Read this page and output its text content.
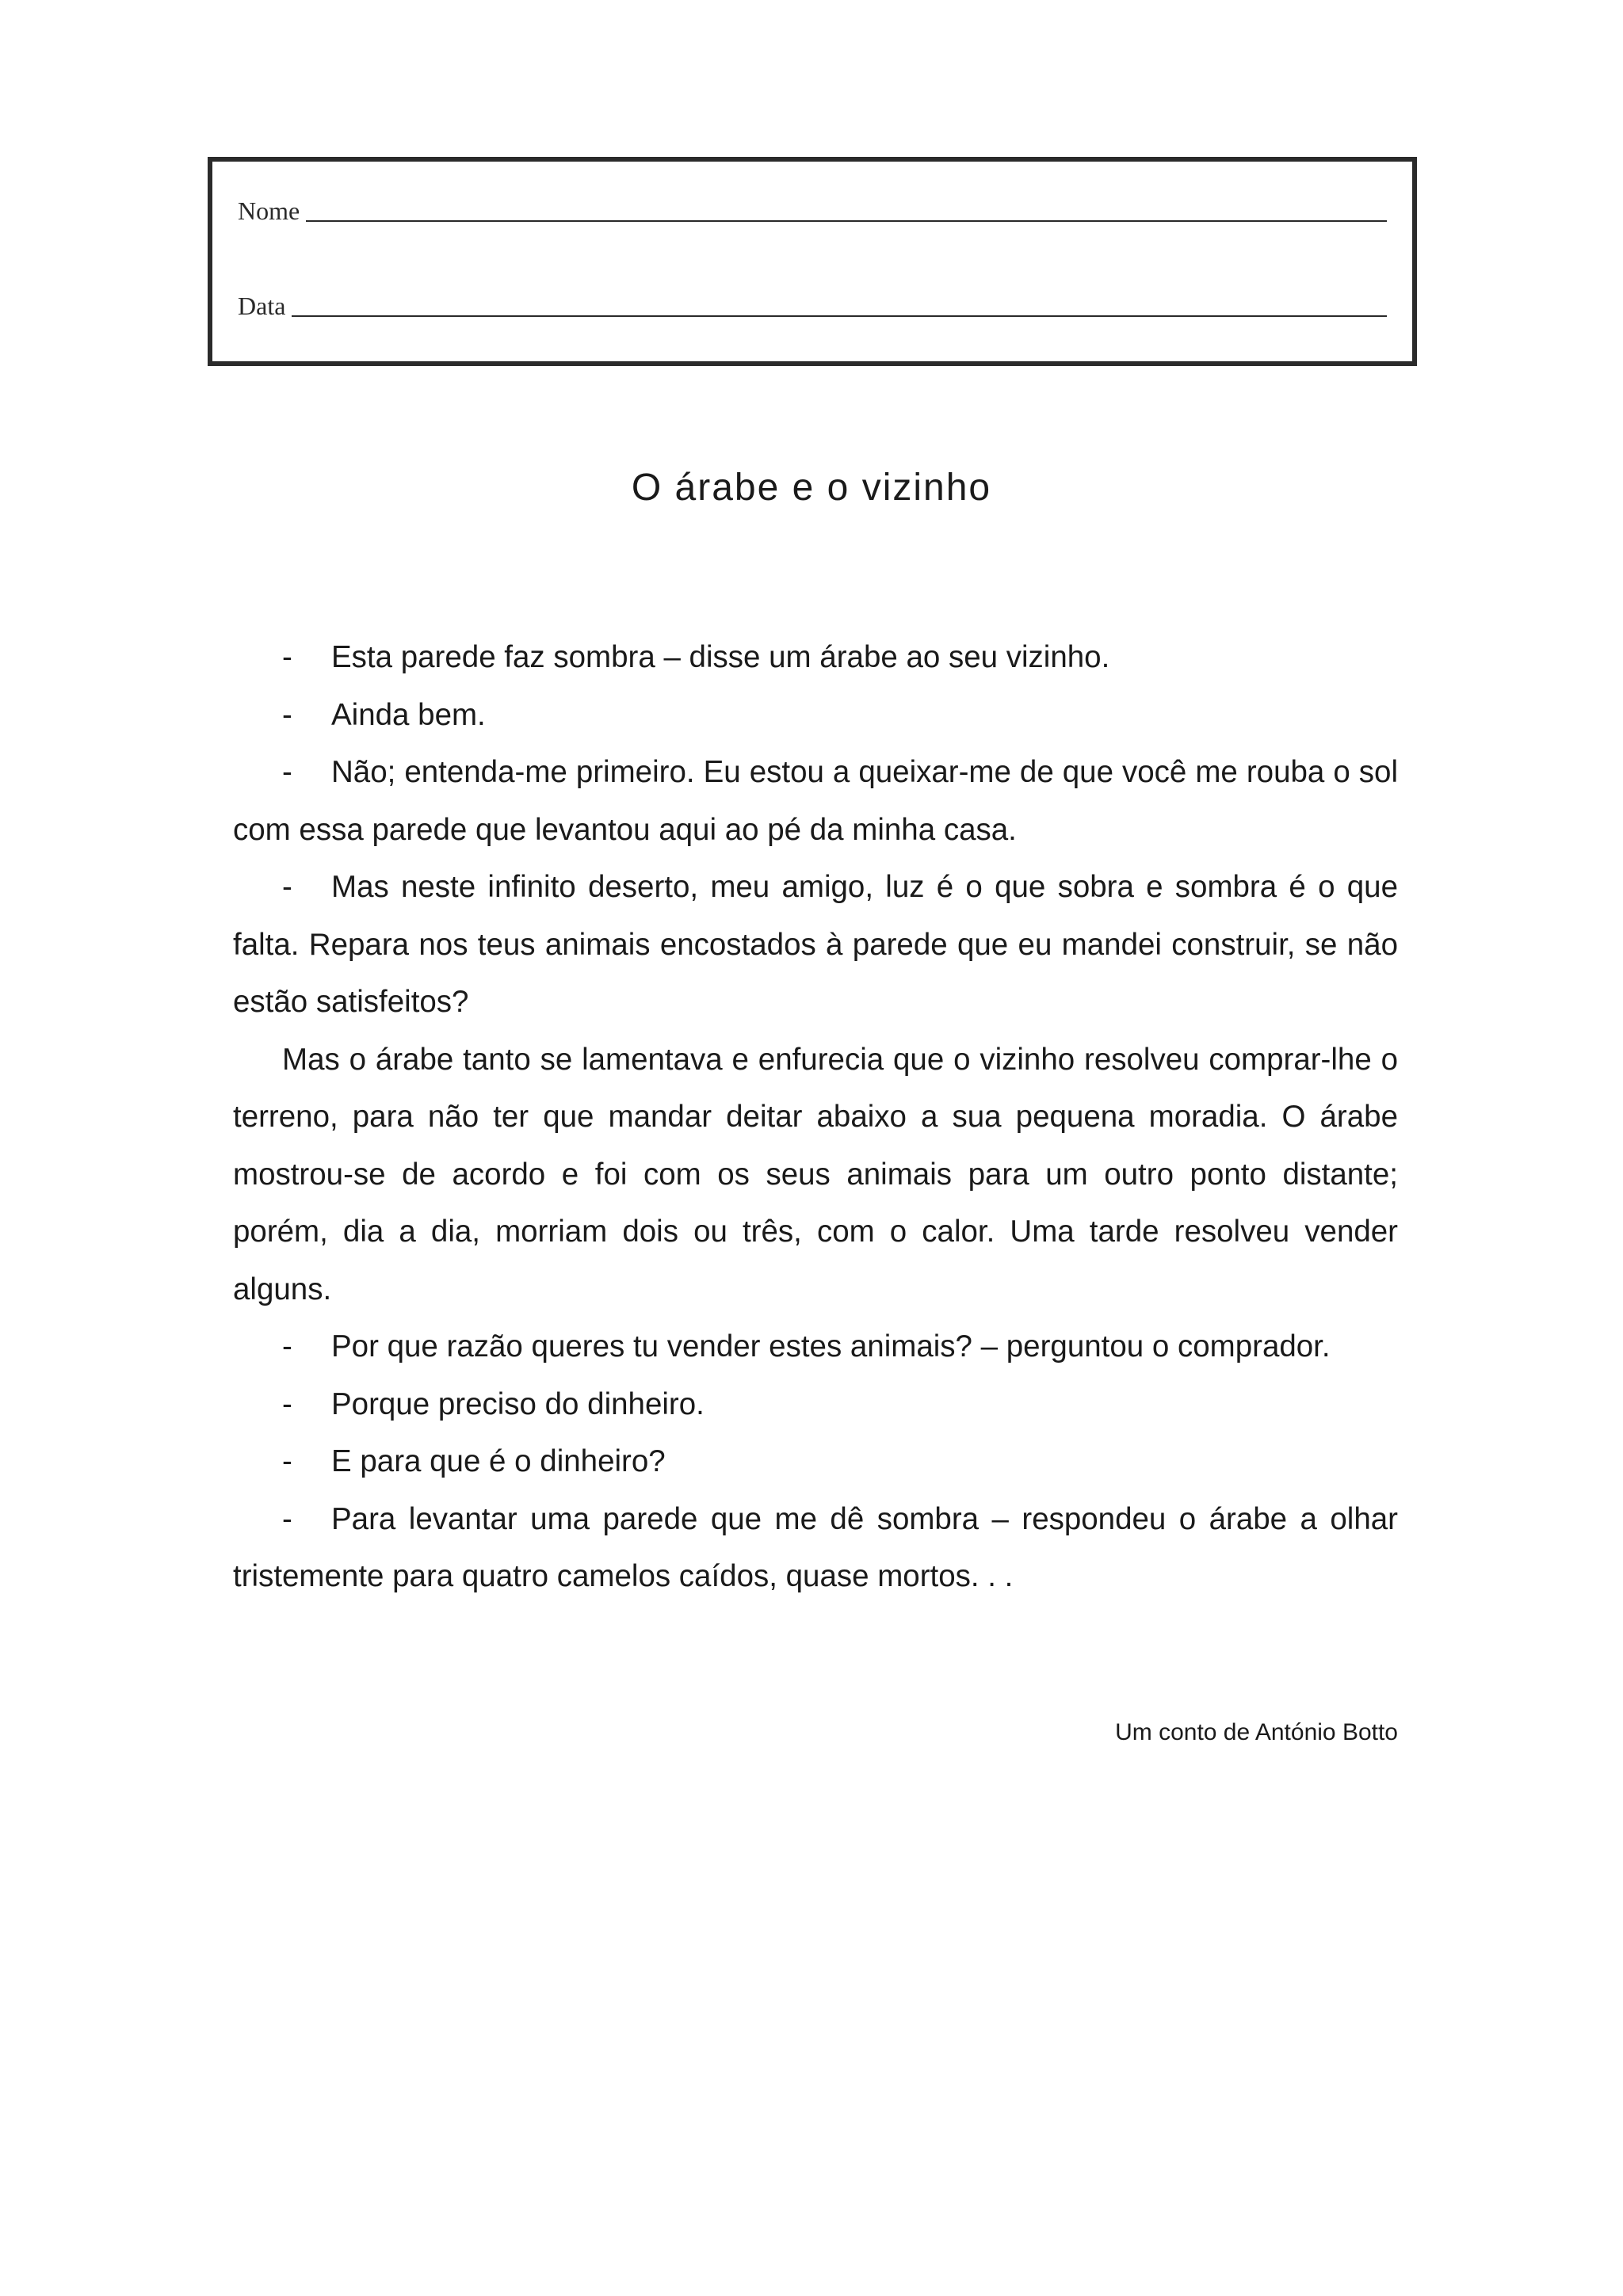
Nome
Data
O árabe e o vizinho

- Esta parede faz sombra – disse um árabe ao seu vizinho.

- Ainda bem.

- Não; entenda-me primeiro. Eu estou a queixar-me de que você me rouba o sol com essa parede que levantou aqui ao pé da minha casa.

- Mas neste infinito deserto, meu amigo, luz é o que sobra e sombra é o que falta. Repara nos teus animais encostados à parede que eu mandei construir, se não estão satisfeitos?

Mas o árabe tanto se lamentava e enfurecia que o vizinho resolveu comprar-lhe o terreno, para não ter que mandar deitar abaixo a sua pequena moradia. O árabe mostrou-se de acordo e foi com os seus animais para um outro ponto distante; porém, dia a dia, morriam dois ou três, com o calor. Uma tarde resolveu vender alguns.

- Por que razão queres tu vender estes animais? – perguntou o comprador.

- Porque preciso do dinheiro.

- E para que é o dinheiro?

- Para levantar uma parede que me dê sombra – respondeu o árabe a olhar tristemente para quatro camelos caídos, quase mortos. . .

Um conto de António Botto
